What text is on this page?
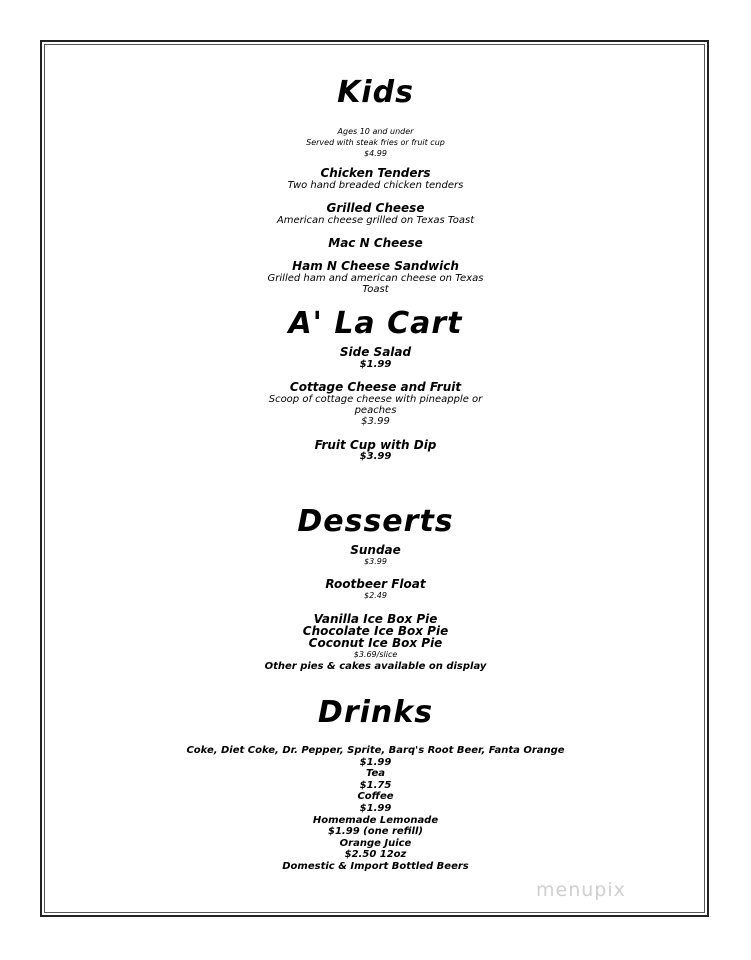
Kids
Ages 10 and under
Served with steak fries or fruit cup
$4.99
Chicken Tenders
Two hand breaded chicken tenders
Grilled Cheese
American cheese grilled on Texas Toast
Mac N Cheese
Ham N Cheese Sandwich
Grilled ham and american cheese on Texas
Toast
A' La Cart
Side Salad
$1.99
Cottage Cheese and Fruit
Scoop of cottage cheese with pineapple or
peaches
$3.99
Fruit Cup with Dip
$3.99
Desserts
Sundae
$3.99
Rootbeer Float
$2.49
Vanilla Ice Box Pie
Chocolate Ice Box Pie
Coconut Ice Box Pie
$3.69/slice
Other pies & cakes available on display
Drinks
Coke, Diet Coke, Dr. Pepper, Sprite, Barq's Root Beer, Fanta Orange
$1.99
Tea
$1.75
Coffee
$1.99
Homemade Lemonade
$1.99 (one refill)
Orange Juice
$2.50 12oz
Domestic & Import Bottled Beers
menupix
